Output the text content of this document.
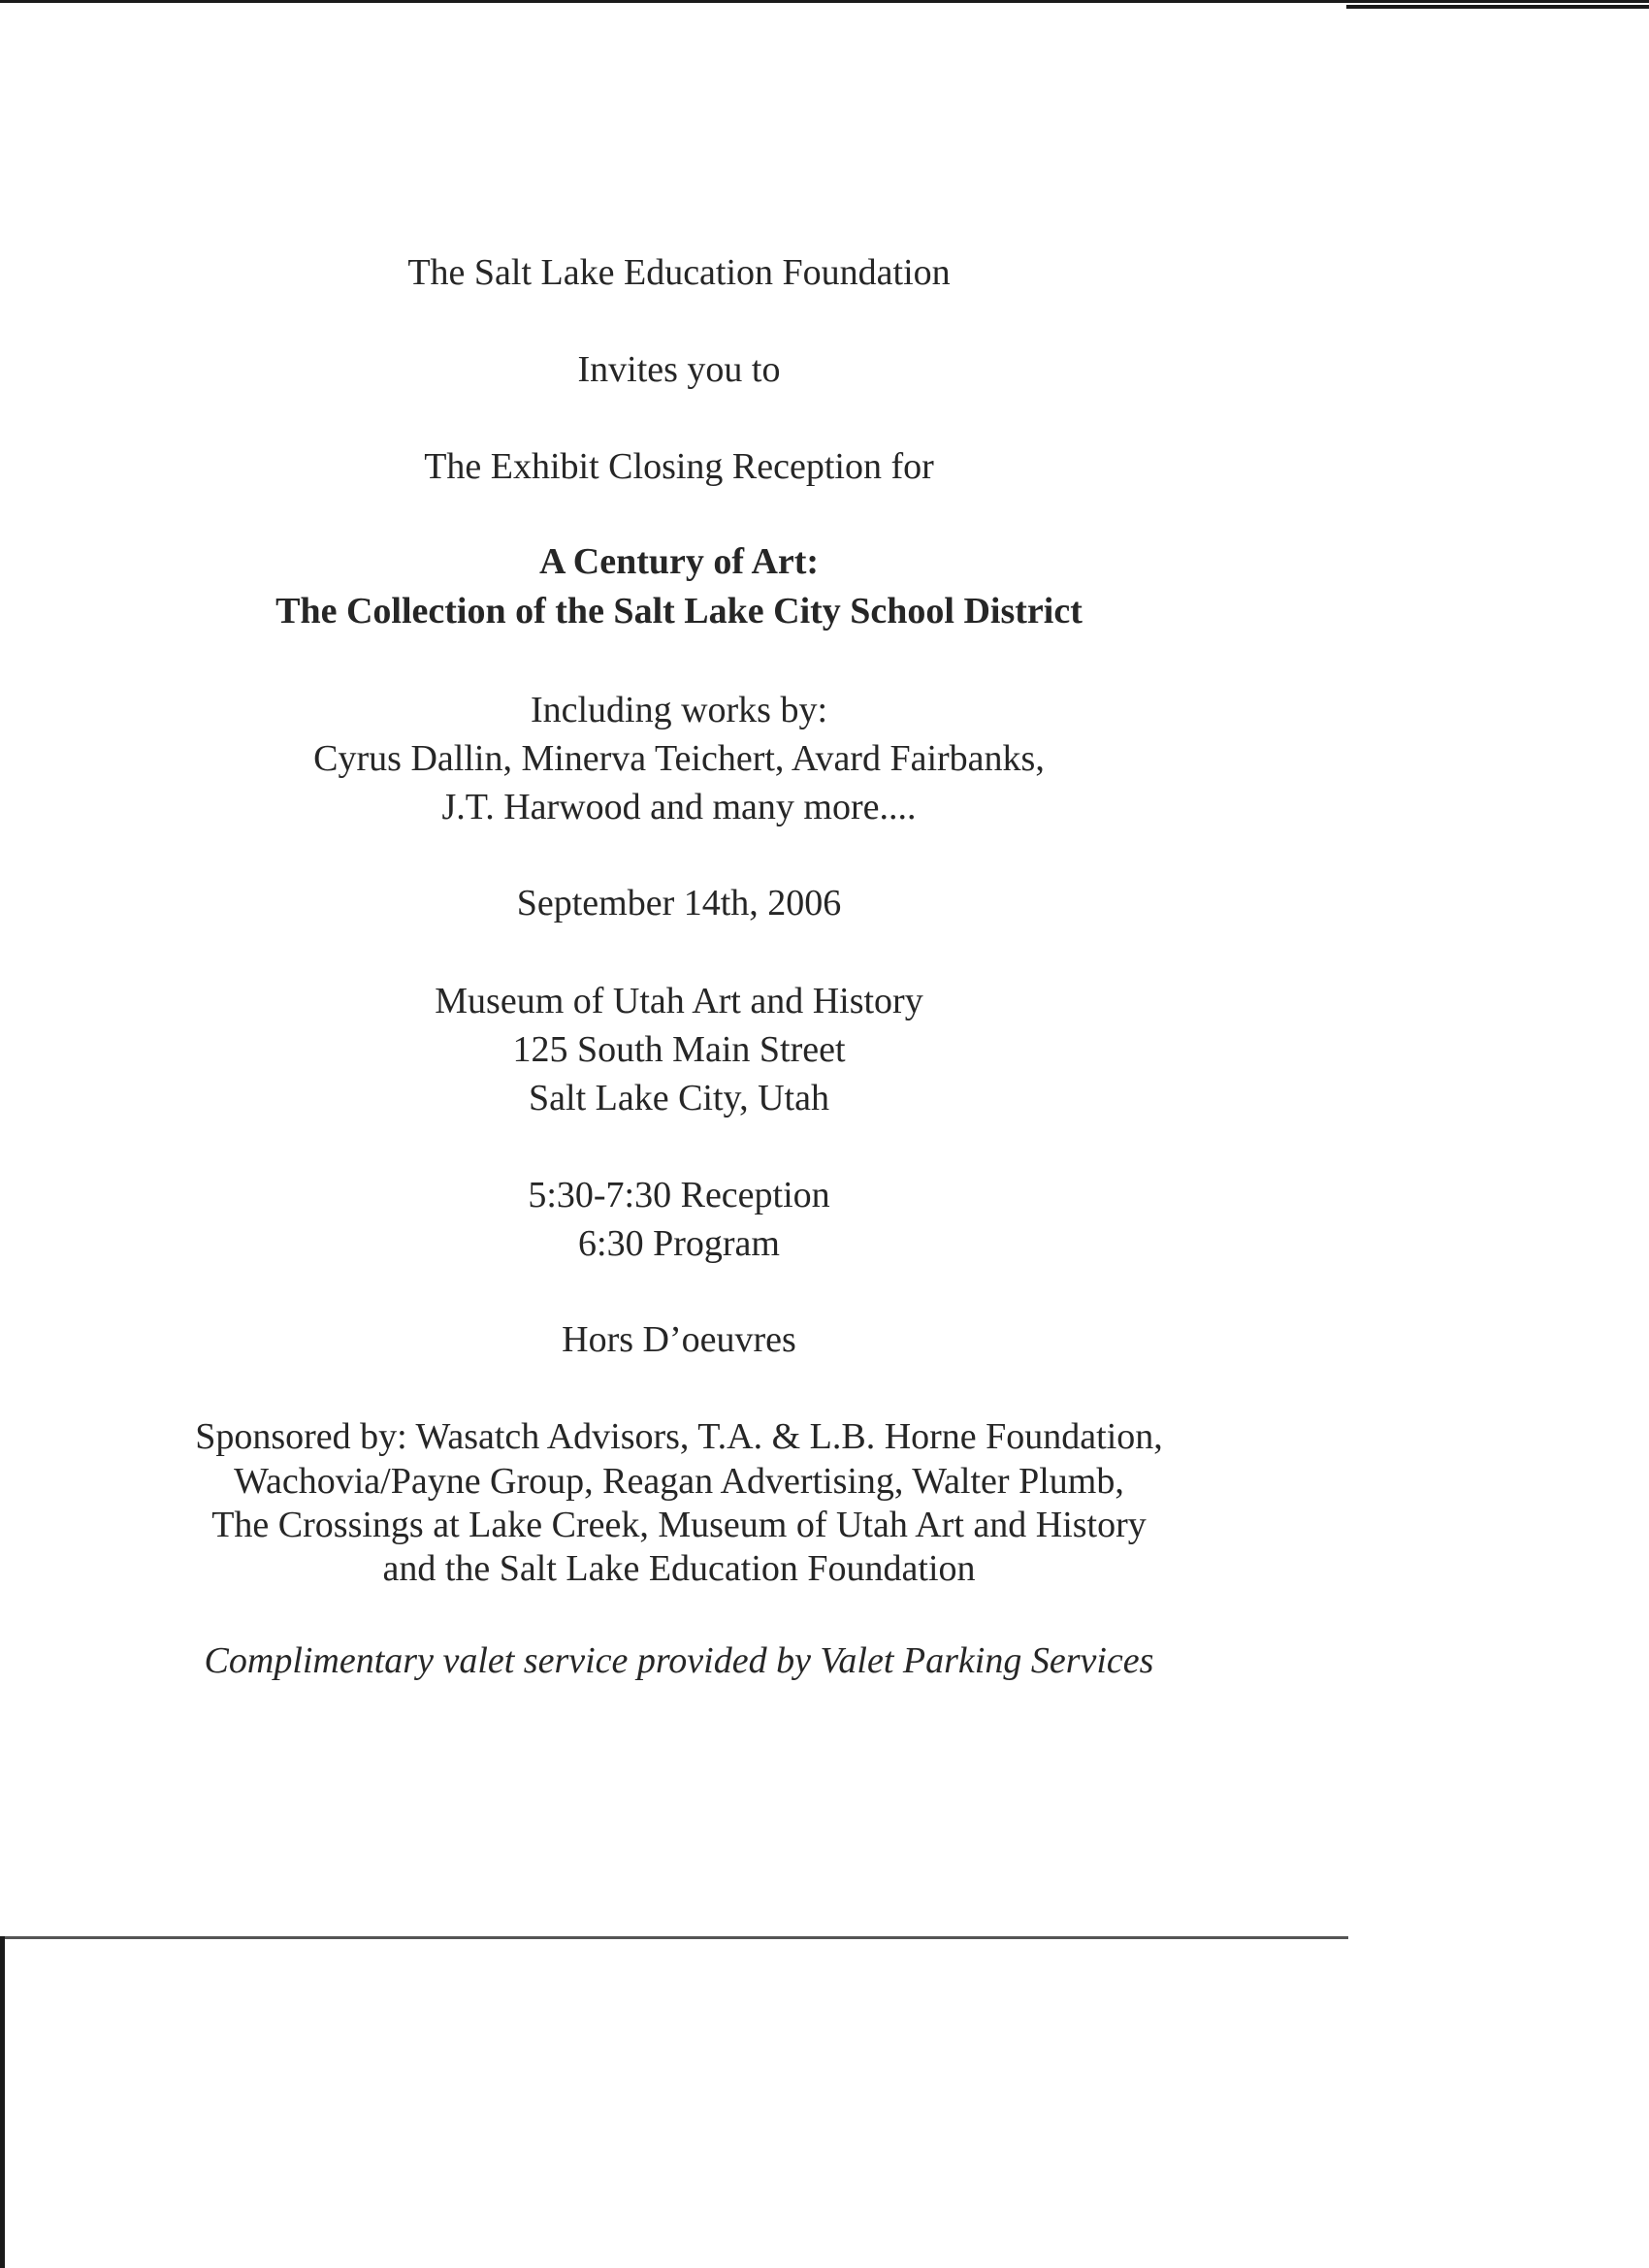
The Salt Lake Education Foundation
Invites you to
The Exhibit Closing Reception for
A Century of Art:
The Collection of the Salt Lake City School District
Including works by:
Cyrus Dallin, Minerva Teichert, Avard Fairbanks,
J.T. Harwood and many more....
September 14th, 2006
Museum of Utah Art and History
125 South Main Street
Salt Lake City, Utah
5:30-7:30 Reception
6:30 Program
Hors D’oeuvres
Sponsored by: Wasatch Advisors, T.A. & L.B. Horne Foundation,
Wachovia/Payne Group, Reagan Advertising, Walter Plumb,
The Crossings at Lake Creek, Museum of Utah Art and History
and the Salt Lake Education Foundation
Complimentary valet service provided by Valet Parking Services
